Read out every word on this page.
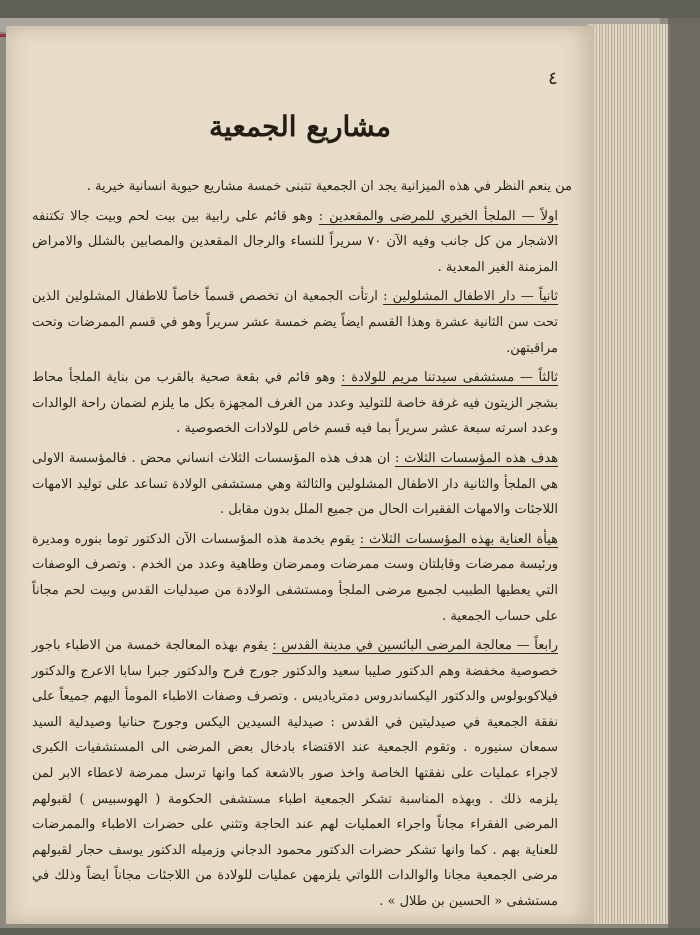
٤
مشاريع الجمعية

من ينعم النظر في هذه الميزانية يجد ان الجمعية تتبنى خمسة مشاريع حيوية انسانية خيرية .

اولاً — الملجأ الخيري للمرضى والمقعدين : وهو قائم على رابية بين بيت لحم وبيت جالا تكتنفه الاشجار من كل جانب وفيه الآن ٧٠ سريراً للنساء والرجال المقعدين والمصابين بالشلل والامراض المزمنة الغير المعدية .

ثانياً — دار الاطفال المشلولين : ارتأت الجمعية ان تخصص قسماً خاصاً للاطفال المشلولين الذين تحت سن الثانية عشرة وهذا القسم ايضاً يضم خمسة عشر سريراً وهو في قسم الممرضات وتحت مراقبتهن.

ثالثاً — مستشفى سيدتنا مريم للولادة : وهو قائم في بقعة صحية بالقرب من بناية الملجأ محاط بشجر الزيتون فيه غرفة خاصة للتوليد وعدد من الغرف المجهزة بكل ما يلزم لضمان راحة الوالدات وعدد اسرته سبعة عشر سريراً بما فيه قسم خاص للولادات الخصوصية .

هدف هذه المؤسسات الثلاث : ان هدف هذه المؤسسات الثلاث انساني محض . فالمؤسسة الاولى هي الملجأ والثانية دار الاطفال المشلولين والثالثة وهي مستشفى الولادة تساعد على توليد الامهات اللاجئات والامهات الفقيرات الحال من جميع الملل بدون مقابل .

هيأة العناية بهذه المؤسسات الثلاث : يقوم بخدمة هذه المؤسسات الآن الدكتور توما بنوره ومديرة ورئيسة ممرضات وقابلتان وست ممرضات وممرضان وطاهية وعدد من الخدم . وتصرف الوصفات التي يعطيها الطبيب لجميع مرضى الملجأ ومستشفى الولادة من صيدليات القدس وبيت لحم مجاناً على حساب الجمعية .

رابعاً — معالجة المرضى البائسين في مدينة القدس : يقوم بهذه المعالجة خمسة من الاطباء باجور خصوصية مخفضة وهم الدكتور صليبا سعيد والدكتور جورج فرح والدكتور جبرا سابا الاعرج والدكتور فيلاكوبولوس والدكتور اليكساندروس دمترياديس . وتصرف وصفات الاطباء المومأ اليهم جميعاً على نفقة الجمعية في صيدليتين في القدس : صيدلية السيدين اليكس وجورج حنانيا وصيدلية السيد سمعان سنيوره . وتقوم الجمعية عند الاقتضاء بادخال بعض المرضى الى المستشفيات الكبرى لاجراء عمليات على نفقتها الخاصة واخذ صور بالاشعة كما وانها ترسل ممرضة لاعطاء الابر لمن يلزمه ذلك . وبهذه المناسبة تشكر الجمعية اطباء مستشفى الحكومة ( الهوسبيس ) لقبولهم المرضى الفقراء مجاناً واجراء العمليات لهم عند الحاجة وتثني على حضرات الاطباء والممرضات للعناية بهم . كما وانها تشكر حضرات الدكتور محمود الدجاني وزميله الدكتور يوسف حجار لقبولهم مرضى الجمعية مجانا والوالدات اللواتي يلزمهن عمليات للولادة من اللاجئات مجاناً ايضاً وذلك في مستشفى « الحسين بن طلال » .
